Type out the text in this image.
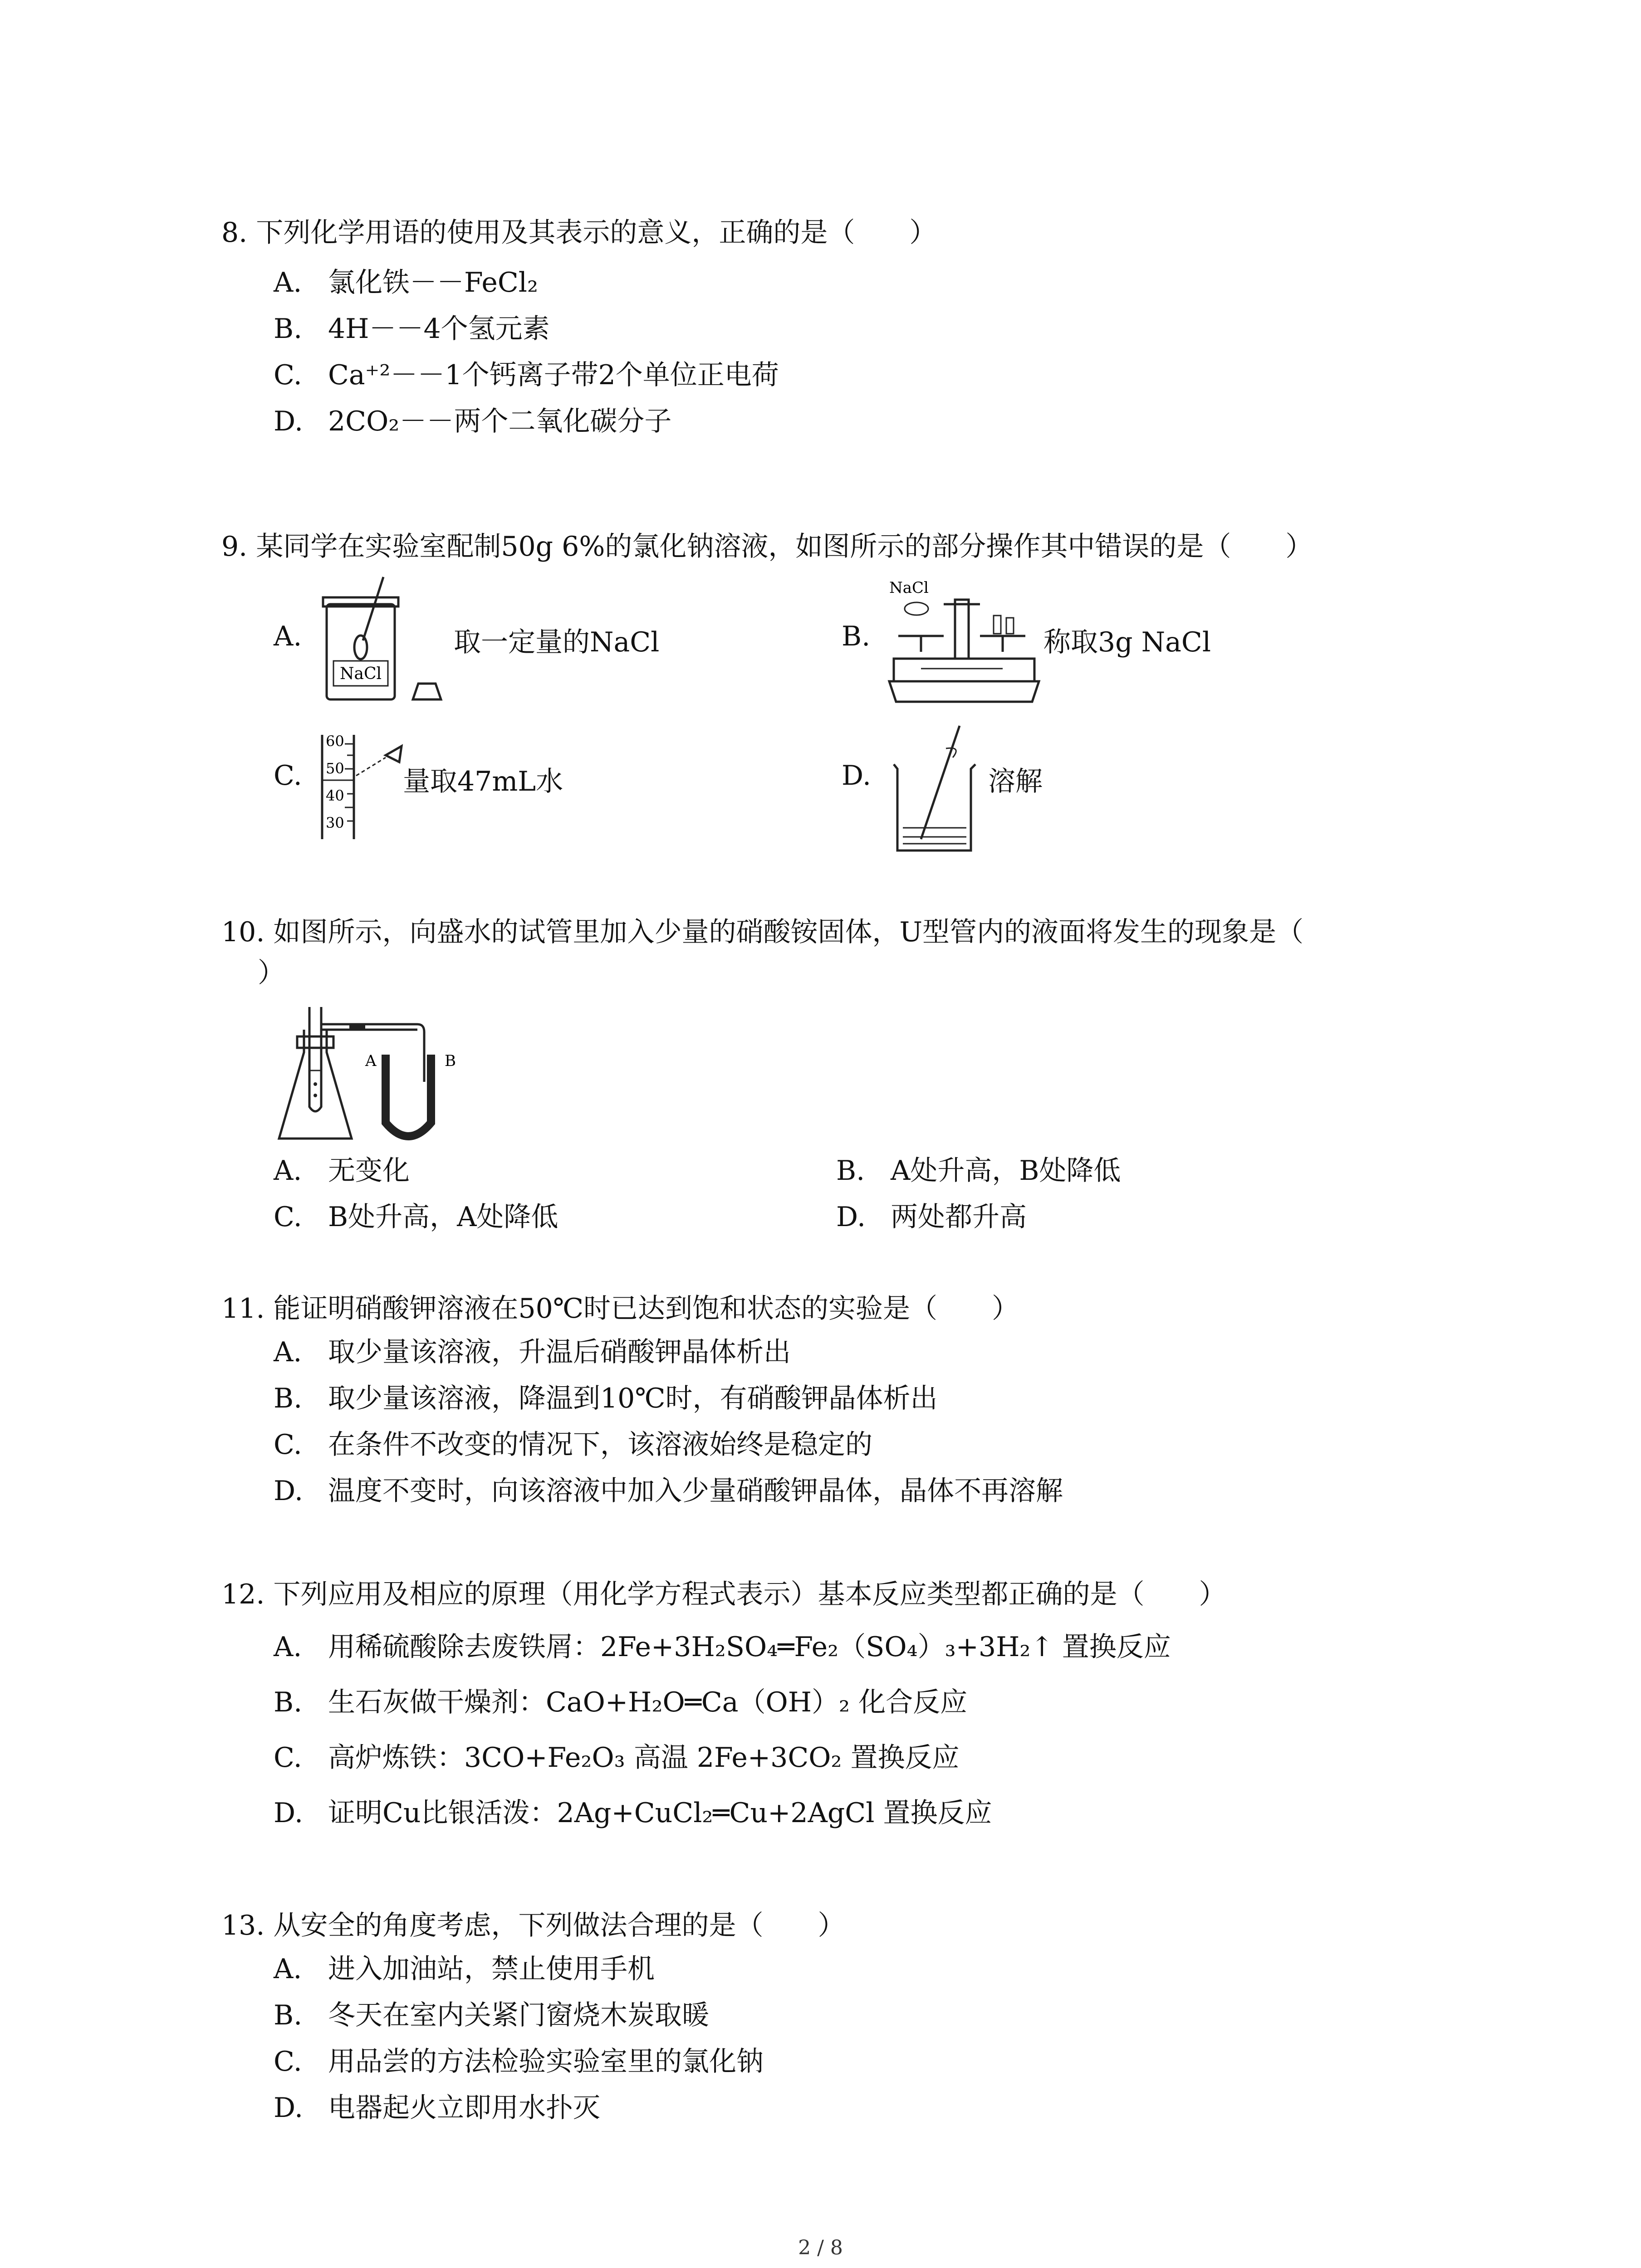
8. 下列化学用语的使用及其表示的意义，正确的是（　　）
A. 氯化铁－－FeCl₂
B. 4H－－4个氢元素
C. Ca⁺²－－1个钙离子带2个单位正电荷
D. 2CO₂－－两个二氧化碳分子
9. 某同学在实验室配制50g 6%的氯化钠溶液，如图所示的部分操作其中错误的是（　　）
A.
NaCl
取一定量的NaCl	B.
NaCl
称取3g NaCl
C.
60
50
40
30
量取47mL水	D.	溶解
10. 如图所示，向盛水的试管里加入少量的硝酸铵固体，U型管内的液面将发生的现象是（
）
A	B
A. 无变化	B. A处升高，B处降低
C. B处升高，A处降低	D. 两处都升高
11. 能证明硝酸钾溶液在50℃时已达到饱和状态的实验是（　　）
A. 取少量该溶液，升温后硝酸钾晶体析出
B. 取少量该溶液，降温到10℃时，有硝酸钾晶体析出
C. 在条件不改变的情况下，该溶液始终是稳定的
D. 温度不变时，向该溶液中加入少量硝酸钾晶体，晶体不再溶解
12. 下列应用及相应的原理（用化学方程式表示）基本反应类型都正确的是（　　）
A. 用稀硫酸除去废铁屑：2Fe+3H₂SO₄═Fe₂（SO₄）₃+3H₂↑ 置换反应
B. 生石灰做干燥剂：CaO+H₂O═Ca（OH）₂ 化合反应
C. 高炉炼铁：3CO+Fe₂O₃ 高温 2Fe+3CO₂ 置换反应
D. 证明Cu比银活泼：2Ag+CuCl₂═Cu+2AgCl 置换反应
13. 从安全的角度考虑，下列做法合理的是（　　）
A. 进入加油站，禁止使用手机
B. 冬天在室内关紧门窗烧木炭取暖
C. 用品尝的方法检验实验室里的氯化钠
D. 电器起火立即用水扑灭
2 / 8
